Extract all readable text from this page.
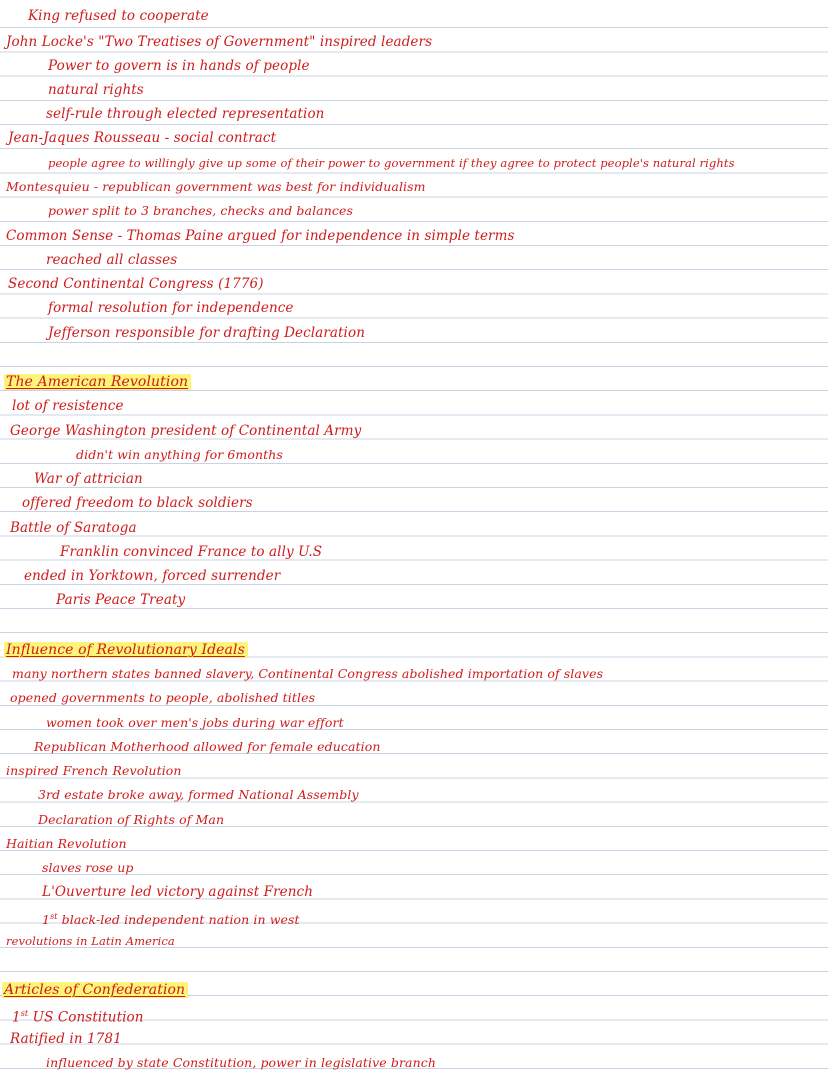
King refused to cooperate
John Locke's "Two Treatises of Government" inspired leaders
Power to govern is in hands of people
natural rights
self-rule through elected representation
Jean-Jaques Rousseau - social contract
people agree to willingly give up some of their power to government if they agree to protect people's natural rights
Montesquieu - republican government was best for individualism
power split to 3 branches, checks and balances
Common Sense - Thomas Paine argued for independence in simple terms
reached all classes
Second Continental Congress (1776)
formal resolution for independence
Jefferson responsible for drafting Declaration
The American Revolution
lot of resistence
George Washington president of Continental Army
didn't win anything for 6months
War of attrician
offered freedom to black soldiers
Battle of Saratoga
Franklin convinced France to ally U.S
ended in Yorktown, forced surrender
Paris Peace Treaty
Influence of Revolutionary Ideals
many northern states banned slavery, Continental Congress abolished importation of slaves
opened governments to people, abolished titles
women took over men's jobs during war effort
Republican Motherhood allowed for female education
inspired French Revolution
3rd estate broke away, formed National Assembly
Declaration of Rights of Man
Haitian Revolution
slaves rose up
L'Ouverture led victory against French
1st black-led independent nation in west
revolutions in Latin America
Articles of Confederation
1st US Constitution
Ratified in 1781
influenced by state Constitution, power in legislative branch
